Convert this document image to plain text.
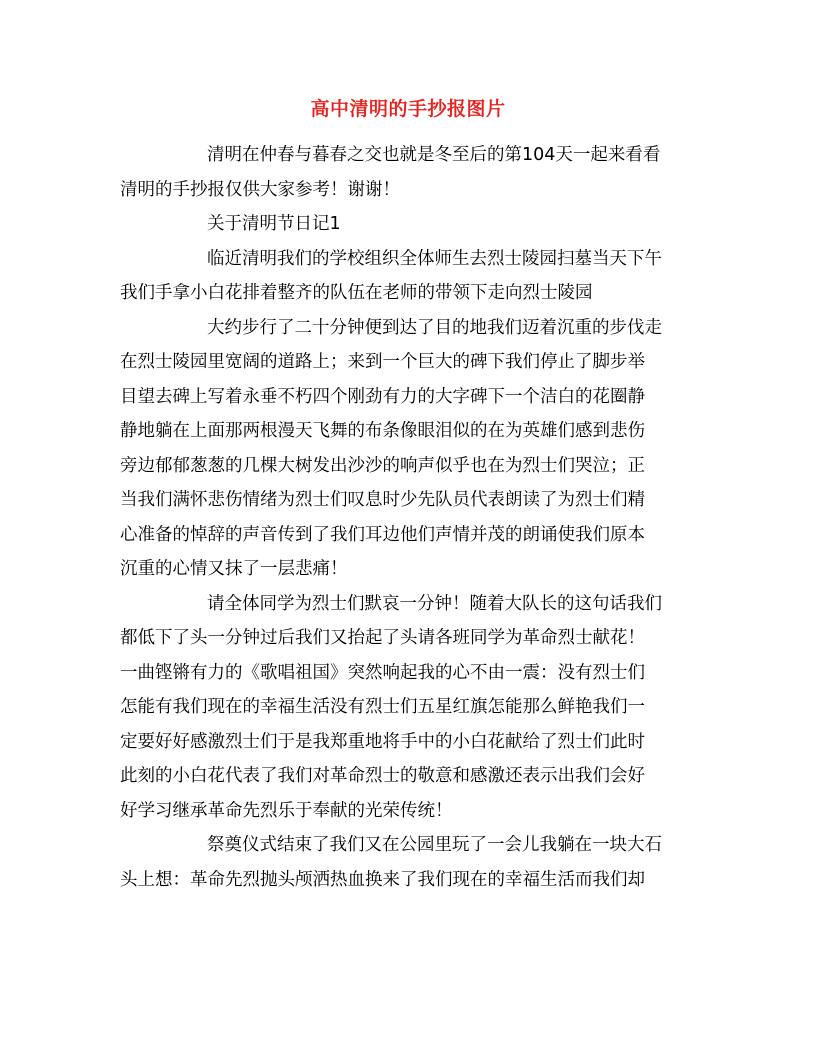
高中清明的手抄报图片
清明在仲春与暮春之交也就是冬至后的第104天一起来看看
清明的手抄报仅供大家参考！谢谢！
关于清明节日记1
临近清明我们的学校组织全体师生去烈士陵园扫墓当天下午
我们手拿小白花排着整齐的队伍在老师的带领下走向烈士陵园
大约步行了二十分钟便到达了目的地我们迈着沉重的步伐走
在烈士陵园里宽阔的道路上；来到一个巨大的碑下我们停止了脚步举
目望去碑上写着永垂不朽四个刚劲有力的大字碑下一个洁白的花圈静
静地躺在上面那两根漫天飞舞的布条像眼泪似的在为英雄们感到悲伤
旁边郁郁葱葱的几棵大树发出沙沙的响声似乎也在为烈士们哭泣；正
当我们满怀悲伤情绪为烈士们叹息时少先队员代表朗读了为烈士们精
心准备的悼辞的声音传到了我们耳边他们声情并茂的朗诵使我们原本
沉重的心情又抹了一层悲痛！
请全体同学为烈士们默哀一分钟！随着大队长的这句话我们
都低下了头一分钟过后我们又抬起了头请各班同学为革命烈士献花！
一曲铿锵有力的《歌唱祖国》突然响起我的心不由一震：没有烈士们
怎能有我们现在的幸福生活没有烈士们五星红旗怎能那么鲜艳我们一
定要好好感激烈士们于是我郑重地将手中的小白花献给了烈士们此时
此刻的小白花代表了我们对革命烈士的敬意和感激还表示出我们会好
好学习继承革命先烈乐于奉献的光荣传统！
祭奠仪式结束了我们又在公园里玩了一会儿我躺在一块大石
头上想：革命先烈抛头颅洒热血换来了我们现在的幸福生活而我们却
